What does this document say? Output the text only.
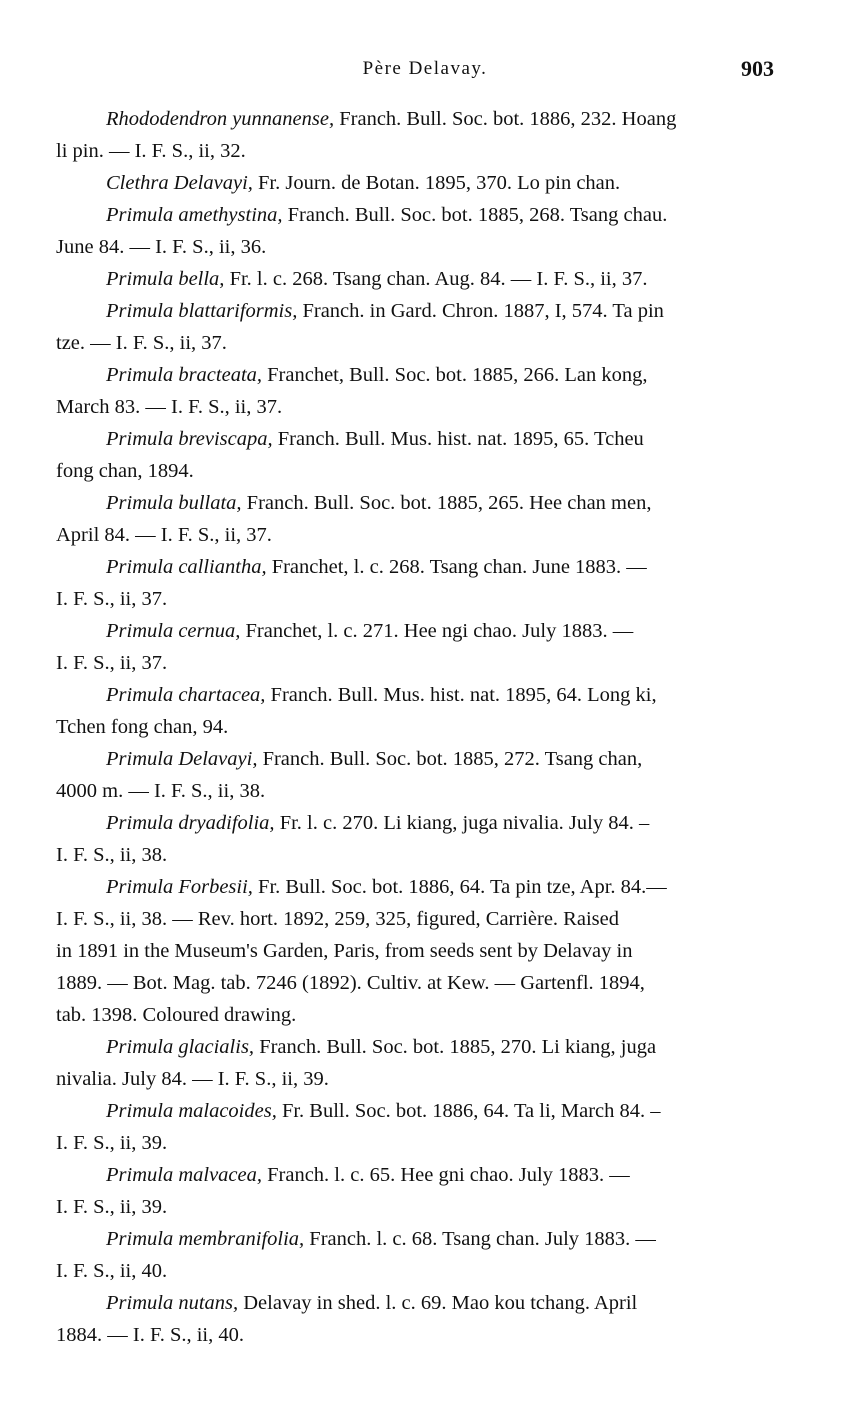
Père Delavay.	903

Rhododendron yunnanense, Franch. Bull. Soc. bot. 1886, 232. Hoang
li pin. — I. F. S., ii, 32.

Clethra Delavayi, Fr. Journ. de Botan. 1895, 370. Lo pin chan.

Primula amethystina, Franch. Bull. Soc. bot. 1885, 268. Tsang chau.
June 84. — I. F. S., ii, 36.

Primula bella, Fr. l. c. 268. Tsang chan. Aug. 84. — I. F. S., ii, 37.

Primula blattariformis, Franch. in Gard. Chron. 1887, I, 574. Ta pin
tze. — I. F. S., ii, 37.

Primula bracteata, Franchet, Bull. Soc. bot. 1885, 266. Lan kong,
March 83. — I. F. S., ii, 37.

Primula breviscapa, Franch. Bull. Mus. hist. nat. 1895, 65. Tcheu
fong chan, 1894.

Primula bullata, Franch. Bull. Soc. bot. 1885, 265. Hee chan men,
April 84. — I. F. S., ii, 37.

Primula calliantha, Franchet, l. c. 268. Tsang chan. June 1883. —
I. F. S., ii, 37.

Primula cernua, Franchet, l. c. 271. Hee ngi chao. July 1883. —
I. F. S., ii, 37.

Primula chartacea, Franch. Bull. Mus. hist. nat. 1895, 64. Long ki,
Tchen fong chan, 94.

Primula Delavayi, Franch. Bull. Soc. bot. 1885, 272. Tsang chan,
4000 m. — I. F. S., ii, 38.

Primula dryadifolia, Fr. l. c. 270. Li kiang, juga nivalia. July 84. –
I. F. S., ii, 38.

Primula Forbesii, Fr. Bull. Soc. bot. 1886, 64. Ta pin tze, Apr. 84.—
I. F. S., ii, 38. — Rev. hort. 1892, 259, 325, figured, Carrière. Raised
in 1891 in the Museum's Garden, Paris, from seeds sent by Delavay in
1889. — Bot. Mag. tab. 7246 (1892). Cultiv. at Kew. — Gartenfl. 1894,
tab. 1398. Coloured drawing.

Primula glacialis, Franch. Bull. Soc. bot. 1885, 270. Li kiang, juga
nivalia. July 84. — I. F. S., ii, 39.

Primula malacoides, Fr. Bull. Soc. bot. 1886, 64. Ta li, March 84. –
I. F. S., ii, 39.

Primula malvacea, Franch. l. c. 65. Hee gni chao. July 1883. —
I. F. S., ii, 39.

Primula membranifolia, Franch. l. c. 68. Tsang chan. July 1883. —
I. F. S., ii, 40.

Primula nutans, Delavay in shed. l. c. 69. Mao kou tchang. April
1884. — I. F. S., ii, 40.
